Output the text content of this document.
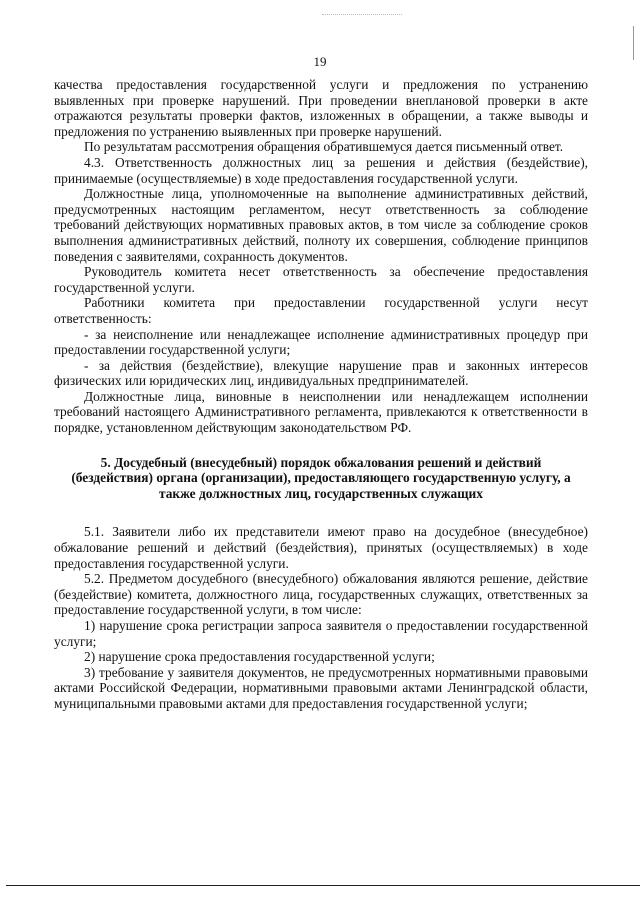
19

качества предоставления государственной услуги и предложения по устранению выявленных при проверке нарушений. При проведении внеплановой проверки в акте отражаются результаты проверки фактов, изложенных в обращении, а также выводы и предложения по устранению выявленных при проверке нарушений.

По результатам рассмотрения обращения обратившемуся дается письменный ответ.

4.3. Ответственность должностных лиц за решения и действия (бездействие), принимаемые (осуществляемые) в ходе предоставления государственной услуги.

Должностные лица, уполномоченные на выполнение административных действий, предусмотренных настоящим регламентом, несут ответственность за соблюдение требований действующих нормативных правовых актов, в том числе за соблюдение сроков выполнения административных действий, полноту их совершения, соблюдение принципов поведения с заявителями, сохранность документов.

Руководитель комитета несет ответственность за обеспечение предоставления государственной услуги.

Работники комитета при предоставлении государственной услуги несут ответственность:

- за неисполнение или ненадлежащее исполнение административных процедур при предоставлении государственной услуги;

- за действия (бездействие), влекущие нарушение прав и законных интересов физических или юридических лиц, индивидуальных предпринимателей.

Должностные лица, виновные в неисполнении или ненадлежащем исполнении требований настоящего Административного регламента, привлекаются к ответственности в порядке, установленном действующим законодательством РФ.

5. Досудебный (внесудебный) порядок обжалования решений и действий (бездействия) органа (организации), предоставляющего государственную услугу, а также должностных лиц, государственных служащих

5.1. Заявители либо их представители имеют право на досудебное (внесудебное) обжалование решений и действий (бездействия), принятых (осуществляемых) в ходе предоставления государственной услуги.

5.2. Предметом досудебного (внесудебного) обжалования являются решение, действие (бездействие) комитета, должностного лица, государственных служащих, ответственных за предоставление государственной услуги, в том числе:

1) нарушение срока регистрации запроса заявителя о предоставлении государственной услуги;

2) нарушение срока предоставления государственной услуги;

3) требование у заявителя документов, не предусмотренных нормативными правовыми актами Российской Федерации, нормативными правовыми актами Ленинградской области, муниципальными правовыми актами для предоставления государственной услуги;
